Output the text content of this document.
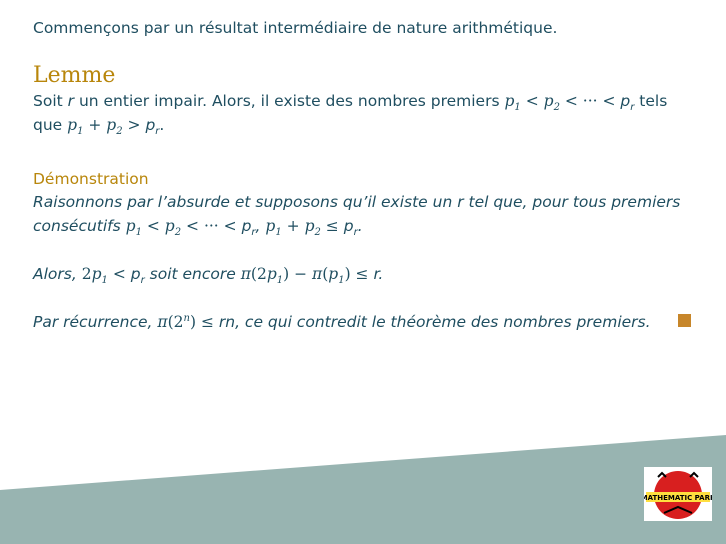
Commençons par un résultat intermédiaire de nature arithmétique.
Lemme
Soit r un entier impair. Alors, il existe des nombres premiers $p_1 < p_2$ < ··· < $p_r$ tels
que $p_1 + p_2 > p_r$.
Démonstration
Raisonnons par l’absurde et supposons qu’il existe un r tel que, pour tous premiers
consécutifs $p_1 < p_2$ < ··· < $p_r$, $p_1 + p_2 \le p_r$.
Alors, $2p_1 < p_r$ soit encore $\pi(2p_1) - \pi(p_1) \le r$.
Par récurrence, $\pi(2^n)$ ≤ rn, ce qui contredit le théorème des nombres premiers.
MATHEMATIC PARK
